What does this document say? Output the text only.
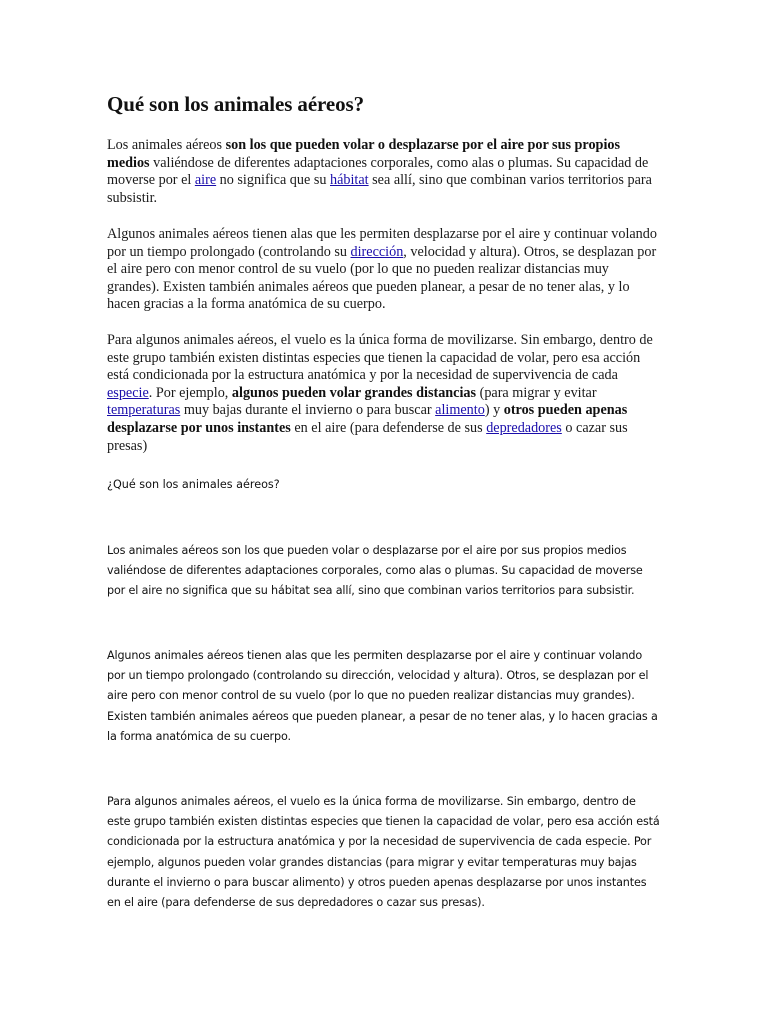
Qué son los animales aéreos?

Los animales aéreos son los que pueden volar o desplazarse por el aire por sus propios medios valiéndose de diferentes adaptaciones corporales, como alas o plumas. Su capacidad de moverse por el aire no significa que su hábitat sea allí, sino que combinan varios territorios para subsistir.

Algunos animales aéreos tienen alas que les permiten desplazarse por el aire y continuar volando por un tiempo prolongado (controlando su dirección, velocidad y altura). Otros, se desplazan por el aire pero con menor control de su vuelo (por lo que no pueden realizar distancias muy grandes). Existen también animales aéreos que pueden planear, a pesar de no tener alas, y lo hacen gracias a la forma anatómica de su cuerpo.

Para algunos animales aéreos, el vuelo es la única forma de movilizarse. Sin embargo, dentro de este grupo también existen distintas especies que tienen la capacidad de volar, pero esa acción está condicionada por la estructura anatómica y por la necesidad de supervivencia de cada especie. Por ejemplo, algunos pueden volar grandes distancias (para migrar y evitar temperaturas muy bajas durante el invierno o para buscar alimento) y otros pueden apenas desplazarse por unos instantes en el aire (para defenderse de sus depredadores o cazar sus presas)

¿Qué son los animales aéreos?

Los animales aéreos son los que pueden volar o desplazarse por el aire por sus propios medios valiéndose de diferentes adaptaciones corporales, como alas o plumas. Su capacidad de moverse por el aire no significa que su hábitat sea allí, sino que combinan varios territorios para subsistir.

Algunos animales aéreos tienen alas que les permiten desplazarse por el aire y continuar volando por un tiempo prolongado (controlando su dirección, velocidad y altura). Otros, se desplazan por el aire pero con menor control de su vuelo (por lo que no pueden realizar distancias muy grandes). Existen también animales aéreos que pueden planear, a pesar de no tener alas, y lo hacen gracias a la forma anatómica de su cuerpo.

Para algunos animales aéreos, el vuelo es la única forma de movilizarse. Sin embargo, dentro de este grupo también existen distintas especies que tienen la capacidad de volar, pero esa acción está condicionada por la estructura anatómica y por la necesidad de supervivencia de cada especie. Por ejemplo, algunos pueden volar grandes distancias (para migrar y evitar temperaturas muy bajas durante el invierno o para buscar alimento) y otros pueden apenas desplazarse por unos instantes en el aire (para defenderse de sus depredadores o cazar sus presas).
